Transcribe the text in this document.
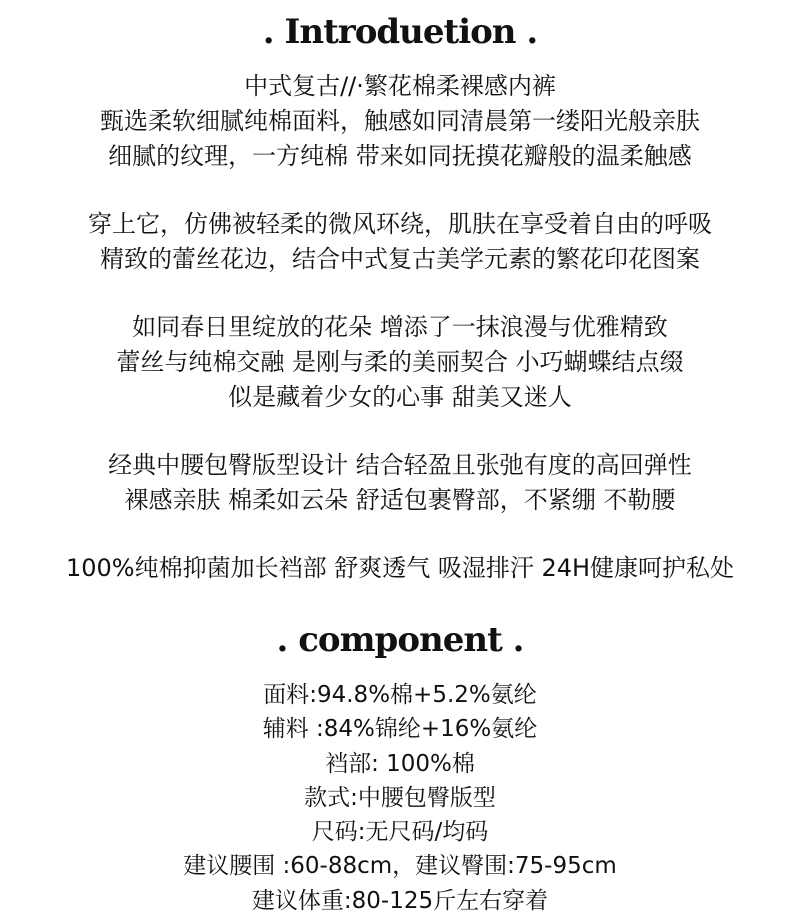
. Introduetion .
中式复古//·繁花棉柔裸感内裤
甄选柔软细腻纯棉面料，触感如同清晨第一缕阳光般亲肤
细腻的纹理，一方纯棉 带来如同抚摸花瓣般的温柔触感
穿上它，仿佛被轻柔的微风环绕，肌肤在享受着自由的呼吸
精致的蕾丝花边，结合中式复古美学元素的繁花印花图案
如同春日里绽放的花朵 增添了一抹浪漫与优雅精致
蕾丝与纯棉交融 是刚与柔的美丽契合 小巧蝴蝶结点缀
似是藏着少女的心事 甜美又迷人
经典中腰包臀版型设计 结合轻盈且张弛有度的高回弹性
裸感亲肤 棉柔如云朵 舒适包裹臀部，不紧绷 不勒腰
100%纯棉抑菌加长裆部 舒爽透气 吸湿排汗 24H健康呵护私处
. component .
面料:94.8%棉+5.2%氨纶
辅料 :84%锦纶+16%氨纶
裆部: 100%棉
款式:中腰包臀版型
尺码:无尺码/均码
建议腰围 :60-88cm，建议臀围:75-95cm
建议体重:80-125斤左右穿着
